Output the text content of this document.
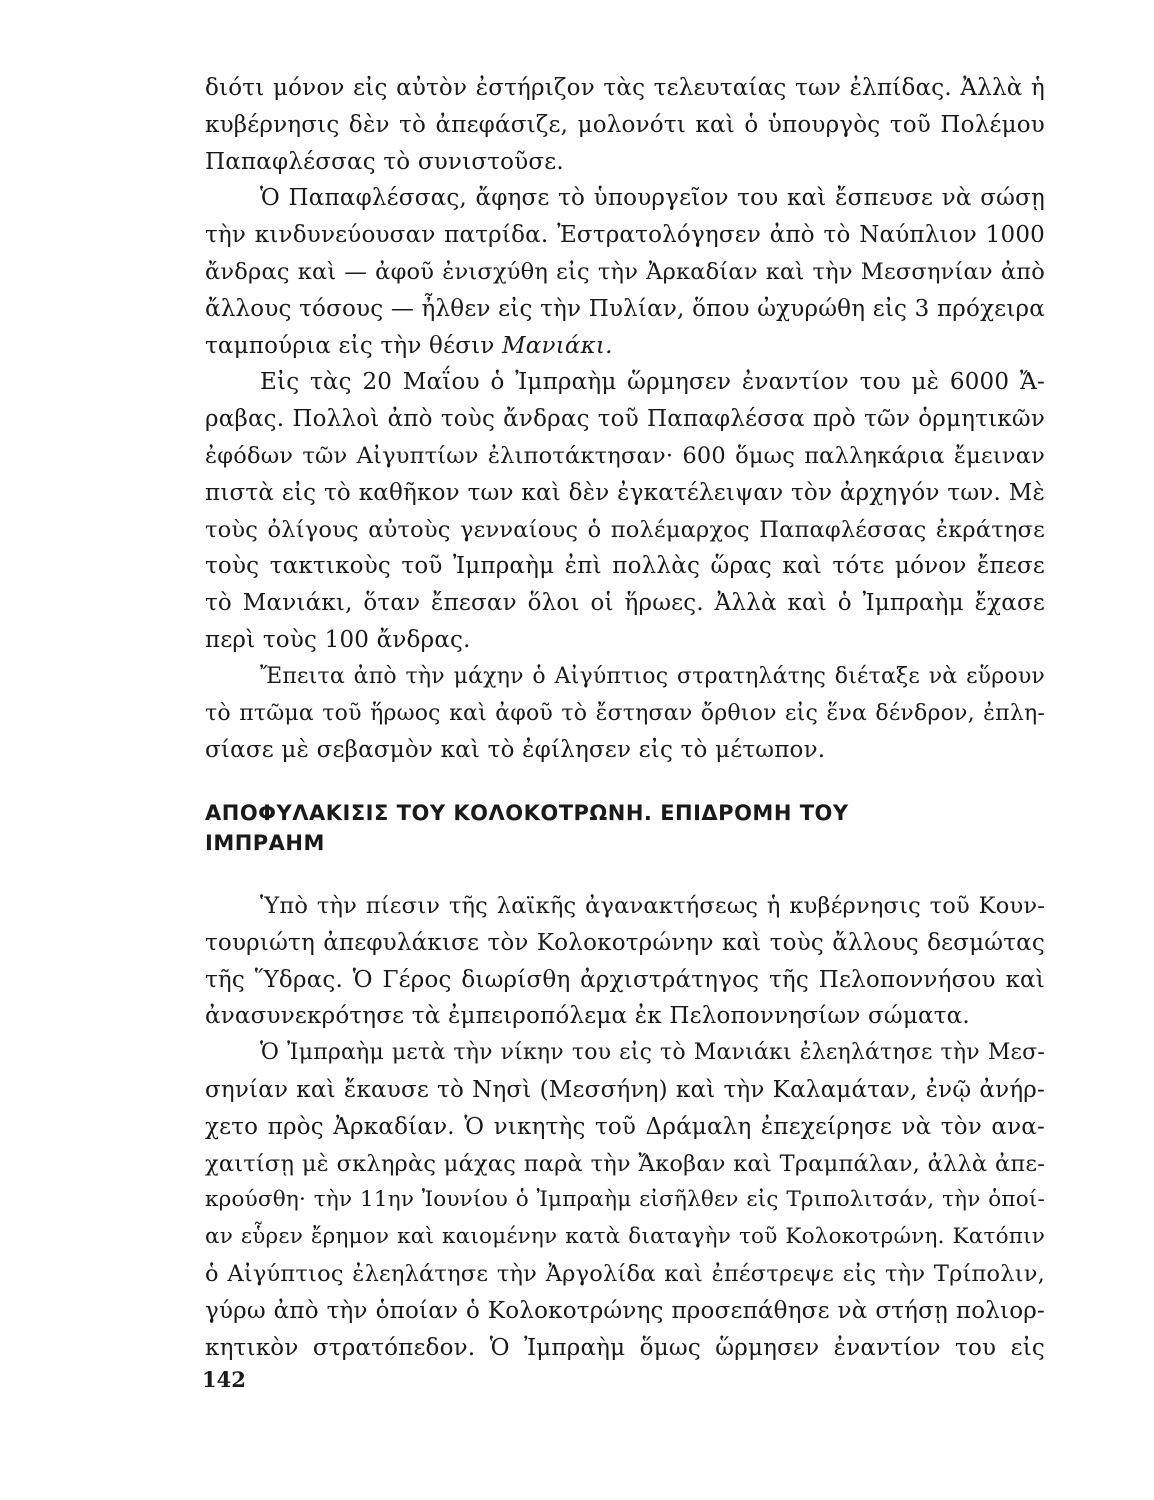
διότι μόνον εἰς αὐτὸν ἐστήριζον τὰς τελευταίας των ἐλπίδας. Ἀλλὰ ἡ
κυβέρνησις δὲν τὸ ἀπεφάσιζε, μολονότι καὶ ὁ ὑπουργὸς τοῦ Πολέμου
Παπαφλέσσας τὸ συνιστοῦσε.
Ὁ Παπαφλέσσας, ἄφησε τὸ ὑπουργεῖον του καὶ ἔσπευσε νὰ σώσῃ
τὴν κινδυνεύουσαν πατρίδα. Ἐστρατολόγησεν ἀπὸ τὸ Ναύπλιον 1000
ἄνδρας καὶ — ἀφοῦ ἐνισχύθη εἰς τὴν Ἀρκαδίαν καὶ τὴν Μεσσηνίαν ἀπὸ
ἄλλους τόσους — ἦλθεν εἰς τὴν Πυλίαν, ὅπου ὠχυρώθη εἰς 3 πρόχειρα
ταμπούρια εἰς τὴν θέσιν Μανιάκι.
Εἰς τὰς 20 Μαΐου ὁ Ἰμπραὴμ ὥρμησεν ἐναντίον του μὲ 6000 Ἄ-
ραβας. Πολλοὶ ἀπὸ τοὺς ἄνδρας τοῦ Παπαφλέσσα πρὸ τῶν ὁρμητικῶν
ἐφόδων τῶν Αἰγυπτίων ἐλιποτάκτησαν· 600 ὅμως παλληκάρια ἔμειναν
πιστὰ εἰς τὸ καθῆκον των καὶ δὲν ἐγκατέλειψαν τὸν ἀρχηγόν των. Μὲ
τοὺς ὀλίγους αὐτοὺς γενναίους ὁ πολέμαρχος Παπαφλέσσας ἐκράτησε
τοὺς τακτικοὺς τοῦ Ἰμπραὴμ ἐπὶ πολλὰς ὥρας καὶ τότε μόνον ἔπεσε
τὸ Μανιάκι, ὅταν ἔπεσαν ὅλοι οἱ ἥρωες. Ἀλλὰ καὶ ὁ Ἰμπραὴμ ἔχασε
περὶ τοὺς 100 ἄνδρας.
Ἔπειτα ἀπὸ τὴν μάχην ὁ Αἰγύπτιος στρατηλάτης διέταξε νὰ εὕρουν
τὸ πτῶμα τοῦ ἥρωος καὶ ἀφοῦ τὸ ἔστησαν ὄρθιον εἰς ἕνα δένδρον, ἐπλη-
σίασε μὲ σεβασμὸν καὶ τὸ ἐφίλησεν εἰς τὸ μέτωπον.
ΑΠΟΦΥΛΑΚΙΣΙΣ ΤΟΥ ΚΟΛΟΚΟΤΡΩΝΗ. ΕΠΙΔΡΟΜΗ ΤΟΥ
ΙΜΠΡΑΗΜ
Ὑπὸ τὴν πίεσιν τῆς λαϊκῆς ἀγανακτήσεως ἡ κυβέρνησις τοῦ Κουν-
τουριώτη ἀπεφυλάκισε τὸν Κολοκοτρώνην καὶ τοὺς ἄλλους δεσμώτας
τῆς Ὕδρας. Ὁ Γέρος διωρίσθη ἀρχιστράτηγος τῆς Πελοποννήσου καὶ
ἀνασυνεκρότησε τὰ ἐμπειροπόλεμα ἐκ Πελοποννησίων σώματα.
Ὁ Ἰμπραὴμ μετὰ τὴν νίκην του εἰς τὸ Μανιάκι ἐλεηλάτησε τὴν Μεσ-
σηνίαν καὶ ἔκαυσε τὸ Νησὶ (Μεσσήνη) καὶ τὴν Καλαμάταν, ἐνῷ ἀνήρ-
χετο πρὸς Ἀρκαδίαν. Ὁ νικητὴς τοῦ Δράμαλη ἐπεχείρησε νὰ τὸν ανα-
χαιτίσῃ μὲ σκληρὰς μάχας παρὰ τὴν Ἄκοβαν καὶ Τραμπάλαν, ἀλλὰ ἀπε-
κρούσθη· τὴν 11ην Ἰουνίου ὁ Ἰμπραὴμ εἰσῆλθεν εἰς Τριπολιτσάν, τὴν ὁποί-
αν εὗρεν ἔρημον καὶ καιομένην κατὰ διαταγὴν τοῦ Κολοκοτρώνη. Κατόπιν
ὁ Αἰγύπτιος ἐλεηλάτησε τὴν Ἀργολίδα καὶ ἐπέστρεψε εἰς τὴν Τρίπολιν,
γύρω ἀπὸ τὴν ὁποίαν ὁ Κολοκοτρώνης προσεπάθησε νὰ στήσῃ πολιορ-
κητικὸν στρατόπεδον. Ὁ Ἰμπραὴμ ὅμως ὥρμησεν ἐναντίον του εἰς
142
